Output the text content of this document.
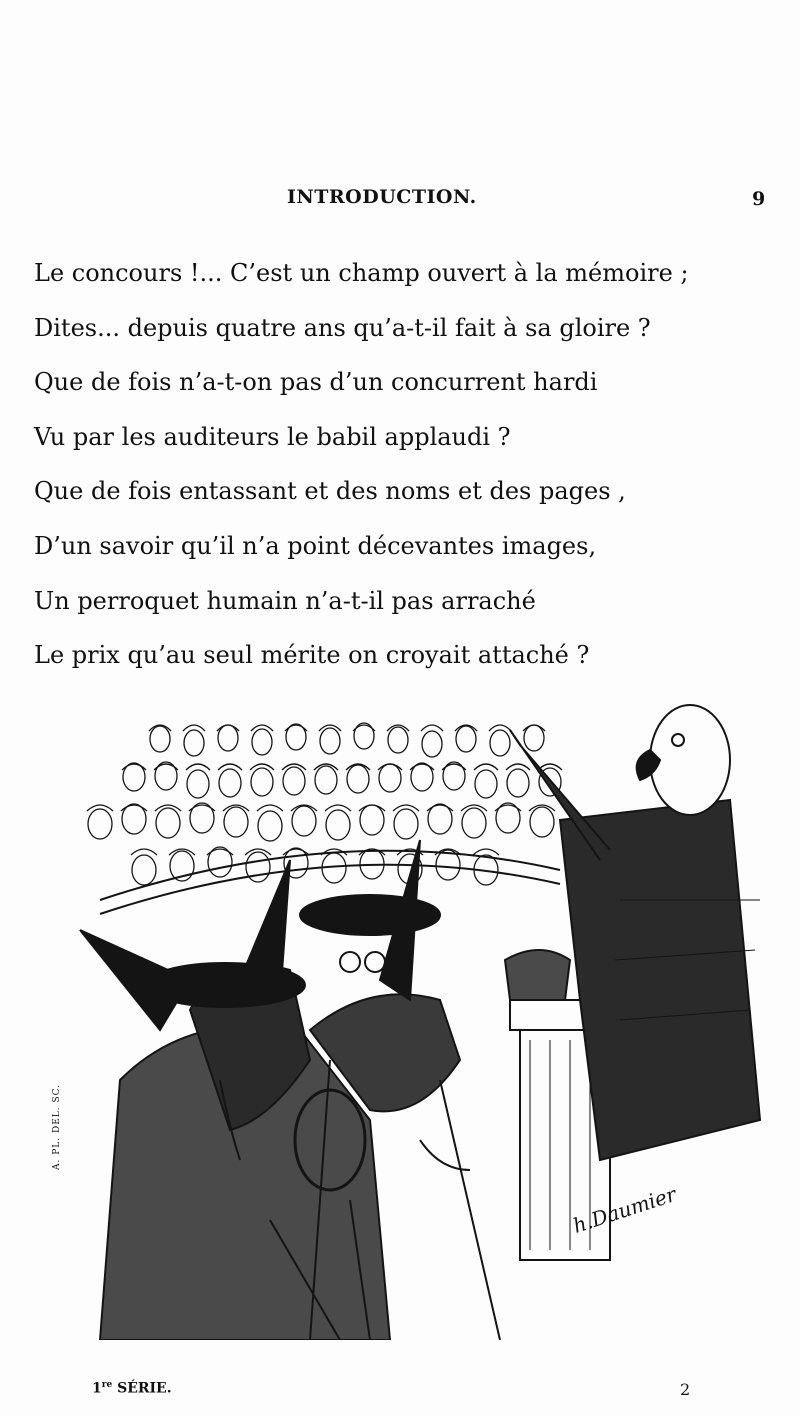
INTRODUCTION.	9
Le concours !... C’est un champ ouvert à la mémoire ;
Dites... depuis quatre ans qu’a-t-il fait à sa gloire ?
Que de fois n’a-t-on pas d’un concurrent hardi
Vu par les auditeurs le babil applaudi ?
Que de fois entassant et des noms et des pages ,
D’un savoir qu’il n’a point décevantes images,
Un perroquet humain n’a-t-il pas arraché
Le prix qu’au seul mérite on croyait attaché ?
A. PL. DEL. SC.
h.Daumier
1re SÉRIE.	2
